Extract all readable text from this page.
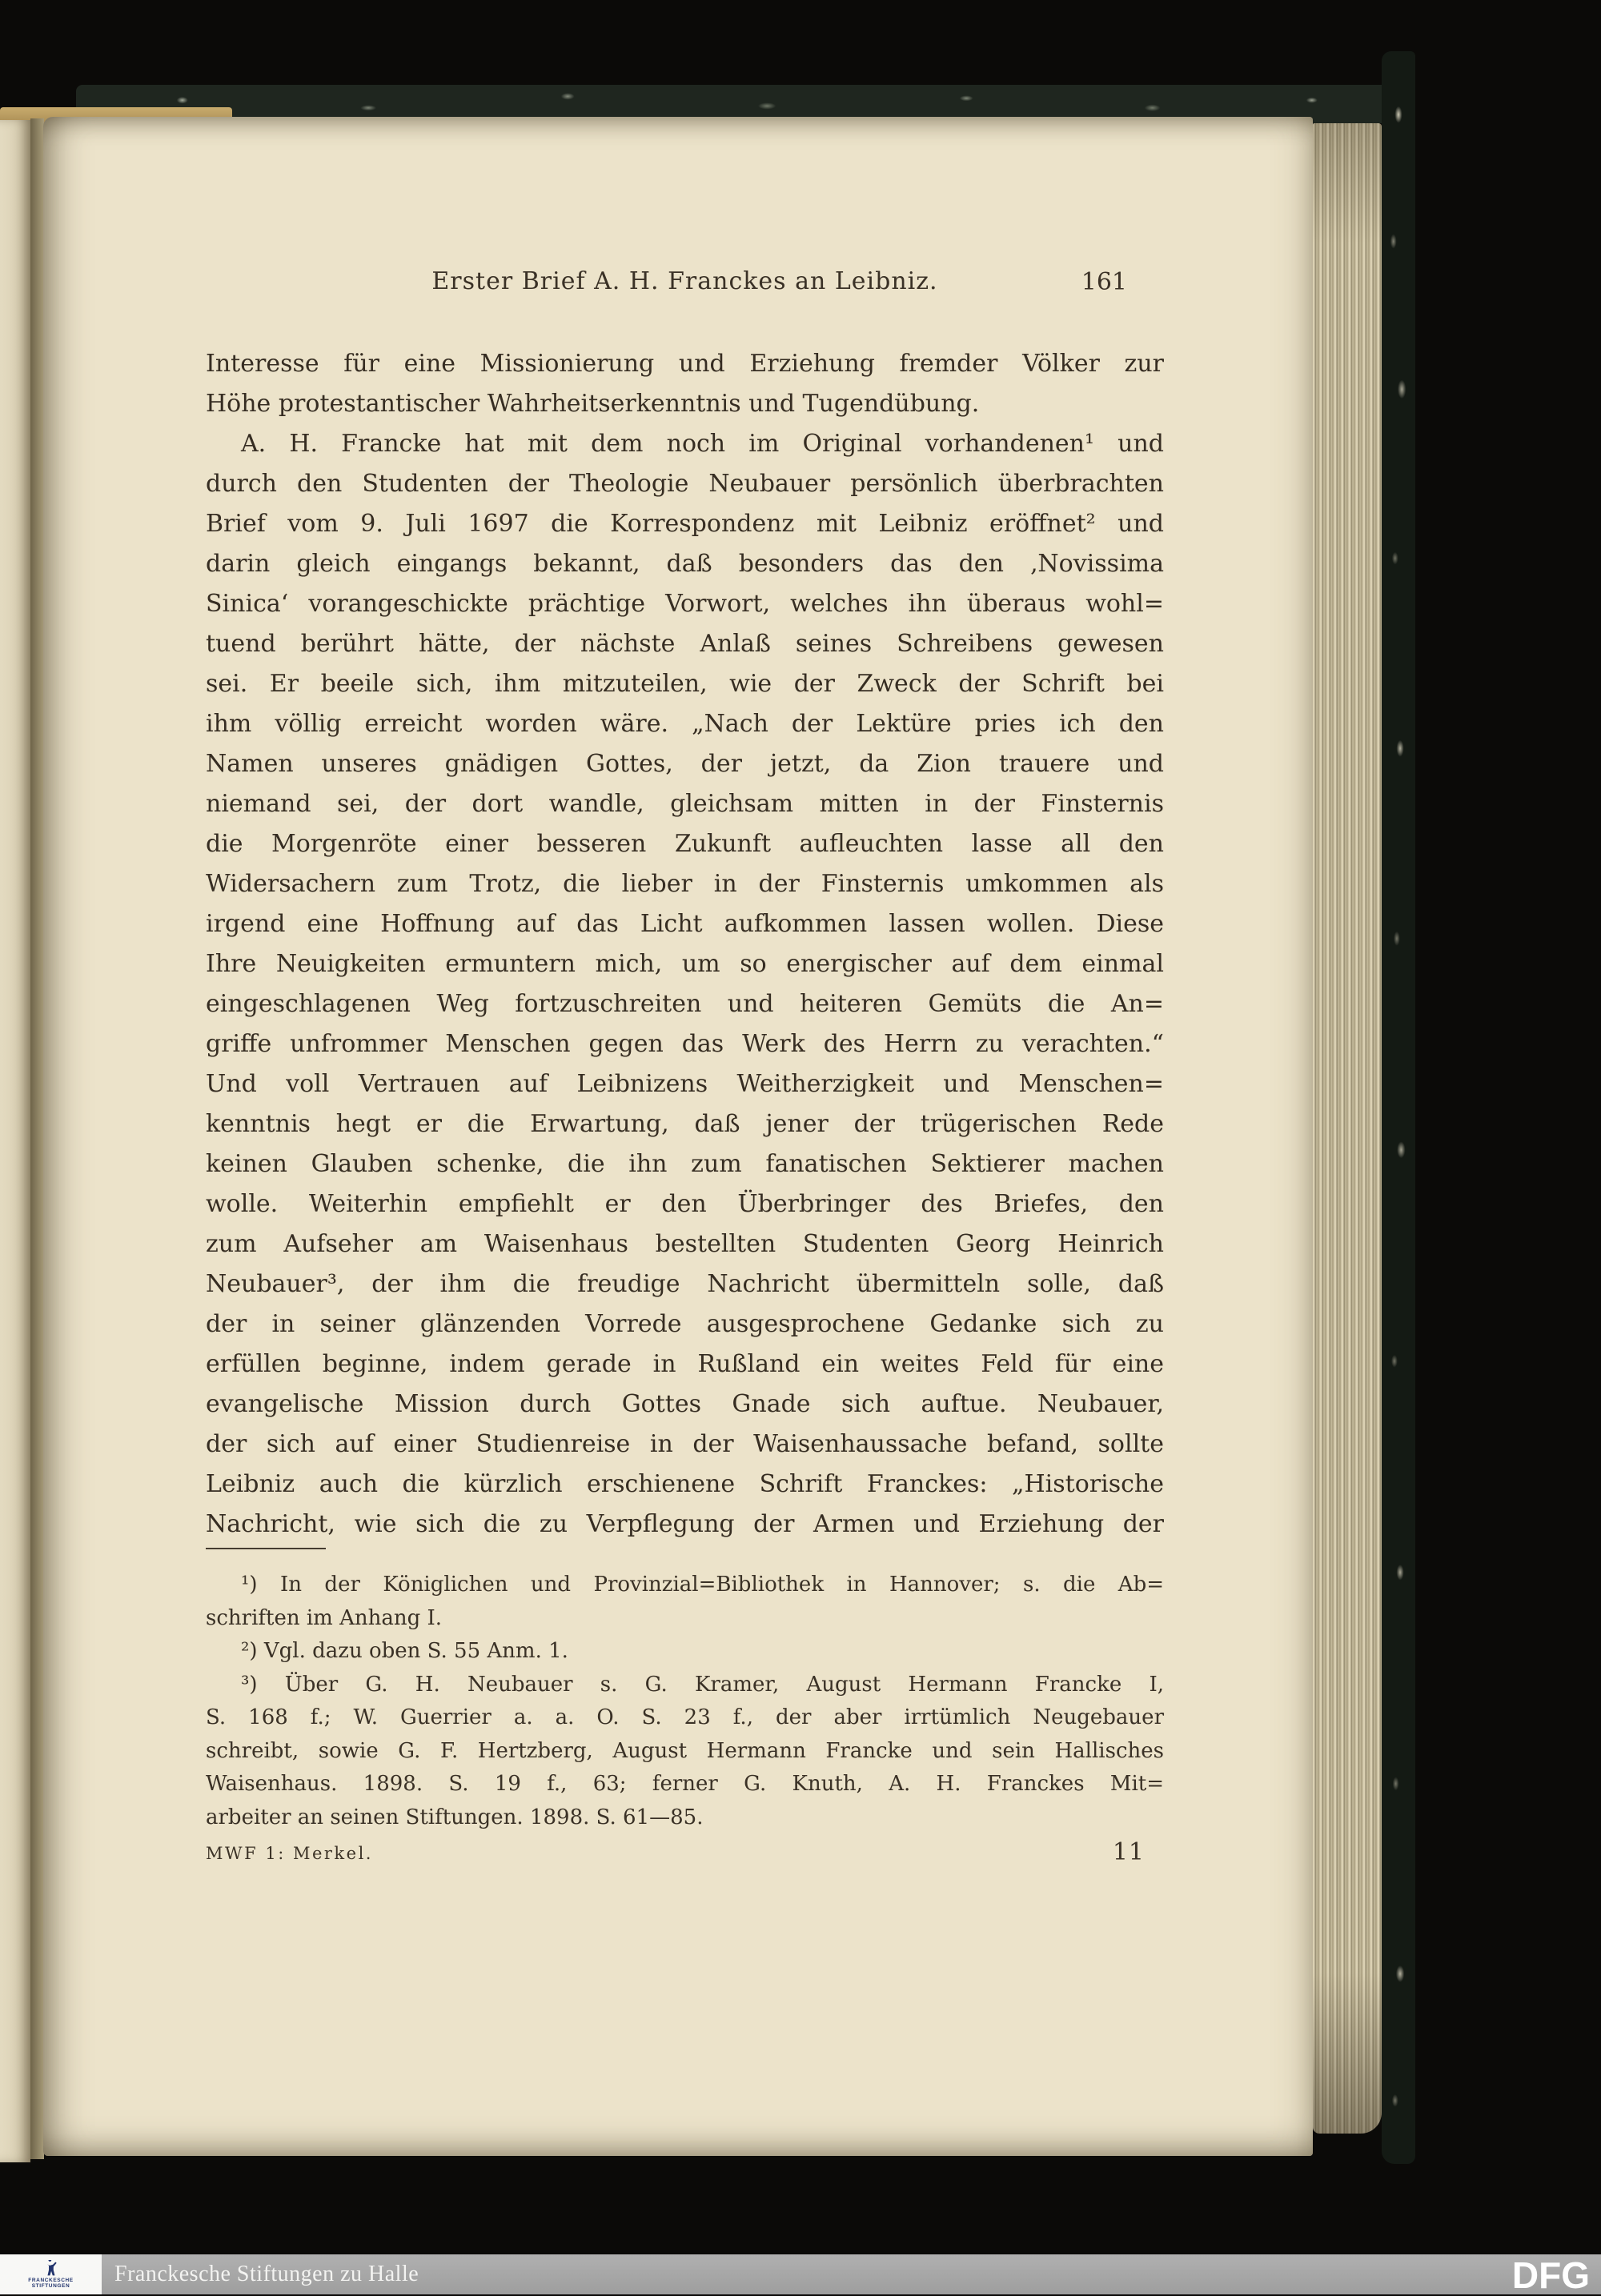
Erster Brief A. H. Franckes an Leibniz.	161
Interesse für eine Missionierung und Erziehung fremder Völker zur
Höhe protestantischer Wahrheitserkenntnis und Tugendübung.
A. H. Francke hat mit dem noch im Original vorhandenen¹ und
durch den Studenten der Theologie Neubauer persönlich überbrachten
Brief vom 9. Juli 1697 die Korrespondenz mit Leibniz eröffnet² und
darin gleich eingangs bekannt, daß besonders das den ‚Novissima
Sinica‘ vorangeschickte prächtige Vorwort, welches ihn überaus wohl=
tuend berührt hätte, der nächste Anlaß seines Schreibens gewesen
sei. Er beeile sich, ihm mitzuteilen, wie der Zweck der Schrift bei
ihm völlig erreicht worden wäre. „Nach der Lektüre pries ich den
Namen unseres gnädigen Gottes, der jetzt, da Zion trauere und
niemand sei, der dort wandle, gleichsam mitten in der Finsternis
die Morgenröte einer besseren Zukunft aufleuchten lasse all den
Widersachern zum Trotz, die lieber in der Finsternis umkommen als
irgend eine Hoffnung auf das Licht aufkommen lassen wollen. Diese
Ihre Neuigkeiten ermuntern mich, um so energischer auf dem einmal
eingeschlagenen Weg fortzuschreiten und heiteren Gemüts die An=
griffe unfrommer Menschen gegen das Werk des Herrn zu verachten.“
Und voll Vertrauen auf Leibnizens Weitherzigkeit und Menschen=
kenntnis hegt er die Erwartung, daß jener der trügerischen Rede
keinen Glauben schenke, die ihn zum fanatischen Sektierer machen
wolle. Weiterhin empfiehlt er den Überbringer des Briefes, den
zum Aufseher am Waisenhaus bestellten Studenten Georg Heinrich
Neubauer³, der ihm die freudige Nachricht übermitteln solle, daß
der in seiner glänzenden Vorrede ausgesprochene Gedanke sich zu
erfüllen beginne, indem gerade in Rußland ein weites Feld für eine
evangelische Mission durch Gottes Gnade sich auftue. Neubauer,
der sich auf einer Studienreise in der Waisenhaussache befand, sollte
Leibniz auch die kürzlich erschienene Schrift Franckes: „Historische
Nachricht, wie sich die zu Verpflegung der Armen und Erziehung der
¹) In der Königlichen und Provinzial=Bibliothek in Hannover; s. die Ab=
schriften im Anhang I.
²) Vgl. dazu oben S. 55 Anm. 1.
³) Über G. H. Neubauer s. G. Kramer, August Hermann Francke I,
S. 168 f.; W. Guerrier a. a. O. S. 23 f., der aber irrtümlich Neugebauer
schreibt, sowie G. F. Hertzberg, August Hermann Francke und sein Hallisches
Waisenhaus. 1898. S. 19 f., 63; ferner G. Knuth, A. H. Franckes Mit=
arbeiter an seinen Stiftungen. 1898. S. 61—85.
MWF 1: Merkel.	11
FRANCKESCHE
STIFTUNGEN Franckesche Stiftungen zu Halle	DFG
